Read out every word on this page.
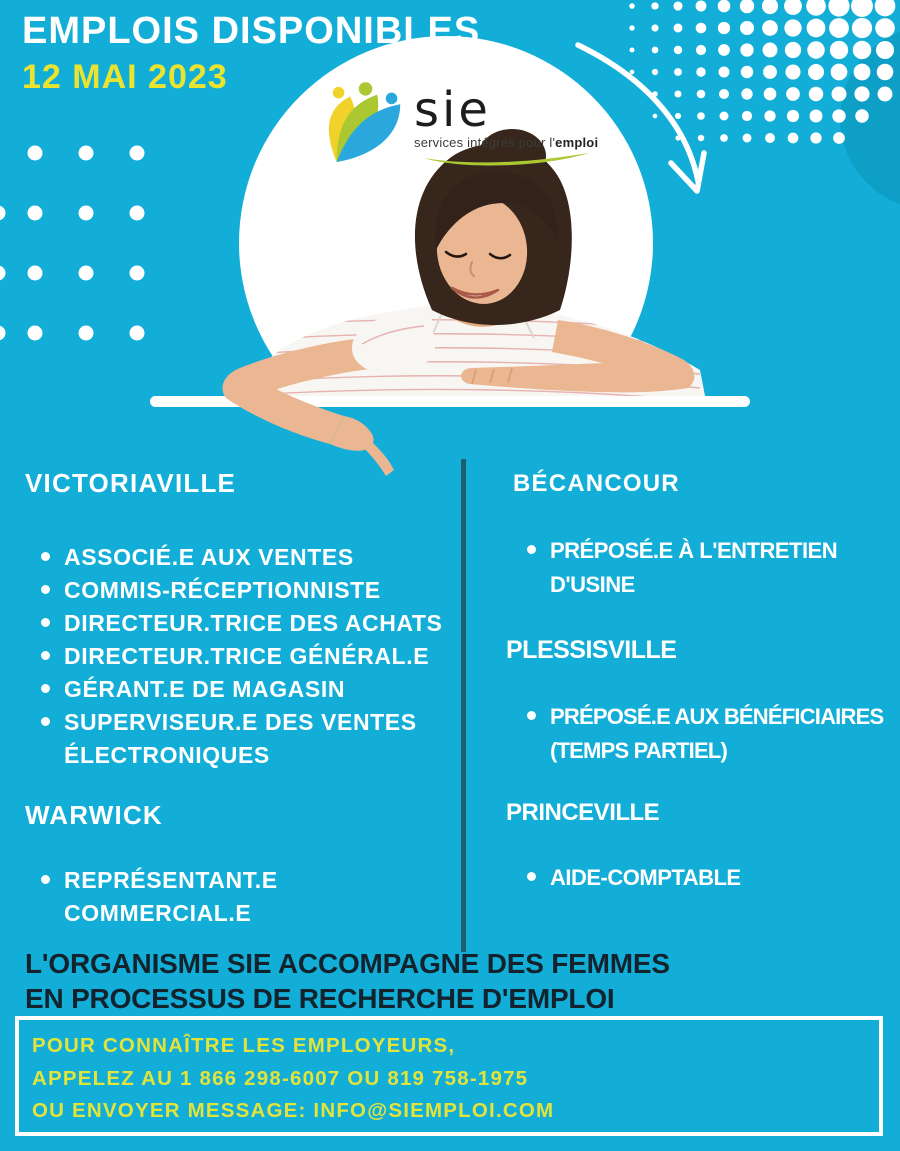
sie
services intégrés pour l'emploi
EMPLOIS DISPONIBLES
12 MAI 2023
VICTORIAVILLE
ASSOCIÉ.E AUX VENTES
COMMIS-RÉCEPTIONNISTE
DIRECTEUR.TRICE DES ACHATS
DIRECTEUR.TRICE GÉNÉRAL.E
GÉRANT.E DE MAGASIN
SUPERVISEUR.E DES VENTES ÉLECTRONIQUES
WARWICK
REPRÉSENTANT.E COMMERCIAL.E
BÉCANCOUR
PRÉPOSÉ.E À L'ENTRETIEN D'USINE
PLESSISVILLE
PRÉPOSÉ.E AUX BÉNÉFICIAIRES (TEMPS PARTIEL)
PRINCEVILLE
AIDE-COMPTABLE
L'ORGANISME SIE ACCOMPAGNE DES FEMMES
EN PROCESSUS DE RECHERCHE D'EMPLOI
POUR CONNAÎTRE LES EMPLOYEURS,
APPELEZ AU 1 866 298-6007 OU 819 758-1975
OU ENVOYER MESSAGE: INFO@SIEMPLOI.COM
